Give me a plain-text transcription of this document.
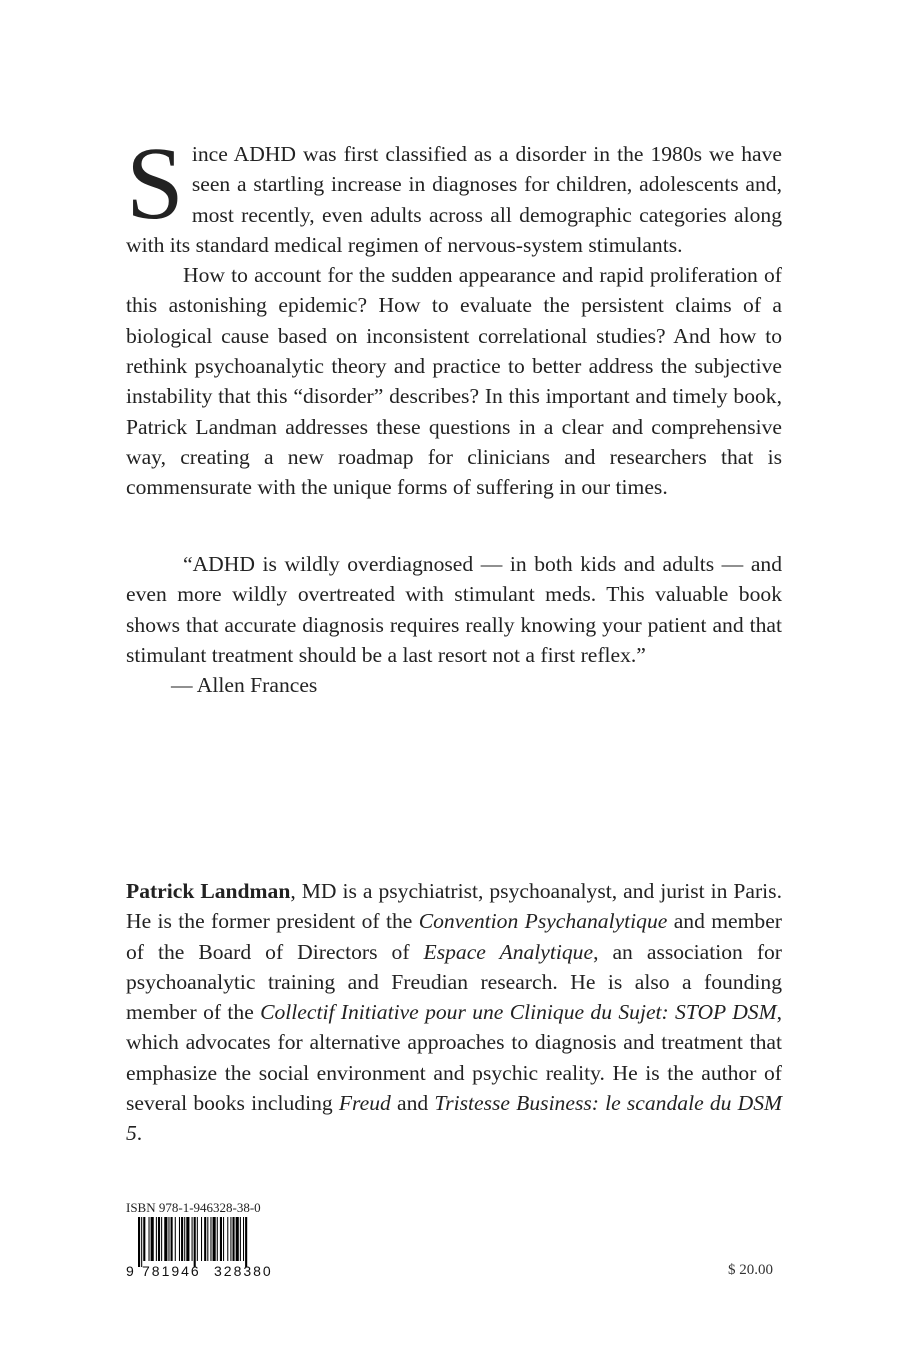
Since ADHD was first classified as a disorder in the 1980s we have seen a startling increase in diagnoses for children, adolescents and, most recently, even adults across all demographic categories along with its standard medical regimen of nervous-system stimulants.
How to account for the sudden appearance and rapid proliferation of this astonishing epidemic? How to evaluate the persistent claims of a biological cause based on inconsistent correlational studies? And how to rethink psychoanalytic theory and practice to better address the subjective instability that this “disorder” describes? In this important and timely book, Patrick Landman addresses these questions in a clear and comprehensive way, creating a new roadmap for clinicians and researchers that is commensurate with the unique forms of suffering in our times.

“ADHD is wildly overdiagnosed — in both kids and adults — and even more wildly overtreated with stimulant meds. This valuable book shows that accurate diagnosis requires really knowing your patient and that stimulant treatment should be a last resort not a first reflex.”
— Allen Frances

Patrick Landman, MD is a psychiatrist, psychoanalyst, and jurist in Paris. He is the former president of the Convention Psychanalytique and member of the Board of Directors of Espace Analytique, an association for psychoanalytic training and Freudian research. He is also a founding member of the Collectif Initiative pour une Clinique du Sujet: STOP DSM, which advocates for alternative approaches to diagnosis and treatment that emphasize the social environment and psychic reality. He is the author of several books including Freud and Tristesse Business: le scandale du DSM 5.

ISBN 978-1-946328-38-0
9 781946 328380	$ 20.00
